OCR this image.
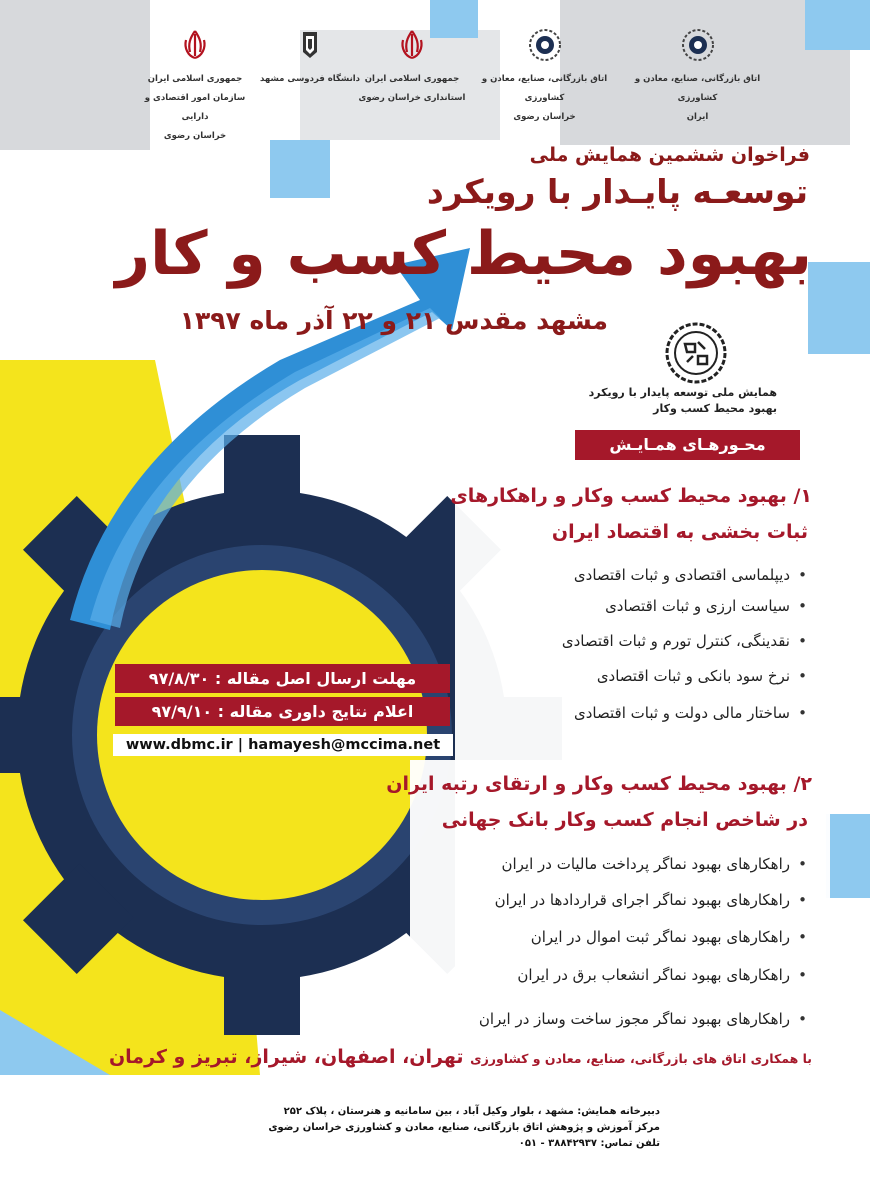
جمهوری اسلامی ایران
سازمان امور اقتصادی و دارایی
خراسان رضوی
دانشگاه فردوسی مشهد	جمهوری اسلامی ایران
استانداری خراسان رضوی
اتاق بازرگانی، صنایع، معادن و کشاورزی
خراسان رضوی
اتاق بازرگانی، صنایع، معادن و کشاورزی
ایران
فراخوان ششمین همایش ملی
توسعـه پایـدار با رویکرد
بهبود محیط کسب و کار
مشهد مقدس ۲۱ و ۲۲ آذر ماه ۱۳۹۷
همایش ملی توسعه پایدار با رویکرد
بهبود محیط کسب وکار
محـورهـای همـایـش
۱/ بهبود محیط کسب وکار و راهکارهای
ثبات بخشی به اقتصاد ایران
• دیپلماسی اقتصادی و ثبات اقتصادی
• سیاست ارزی و ثبات اقتصادی
• نقدینگی، کنترل تورم و ثبات اقتصادی
• نرخ سود بانکی و ثبات اقتصادی
• ساختار مالی دولت و ثبات اقتصادی
۲/ بهبود محیط کسب وکار و ارتقای رتبه ایران
در شاخص انجام کسب وکار بانک جهانی
• راهکارهای بهبود نماگر پرداخت مالیات در ایران
• راهکارهای بهبود نماگر اجرای قراردادها در ایران
• راهکارهای بهبود نماگر ثبت اموال در ایران
• راهکارهای بهبود نماگر انشعاب برق در ایران
• راهکارهای بهبود نماگر مجوز ساخت وساز در ایران
مهلت ارسال اصل مقاله : ۹۷/۸/۳۰
اعلام نتایج داوری مقاله : ۹۷/۹/۱۰
www.dbmc.ir | hamayesh@mccima.net
با همکاری اتاق های بازرگانی، صنایع، معادن و کشاورزی تهران، اصفهان، شیراز، تبریز و کرمان
دبیرخانه همایش: مشهد ، بلوار وکیل آباد ، بین سامانیه و هنرستان ، پلاک ۲۵۲
مرکز آموزش و پژوهش اتاق بازرگانی، صنایع، معادن و کشاورزی خراسان رضوی
تلفن تماس: ۳۸۸۴۲۹۳۷ - ۰۵۱
